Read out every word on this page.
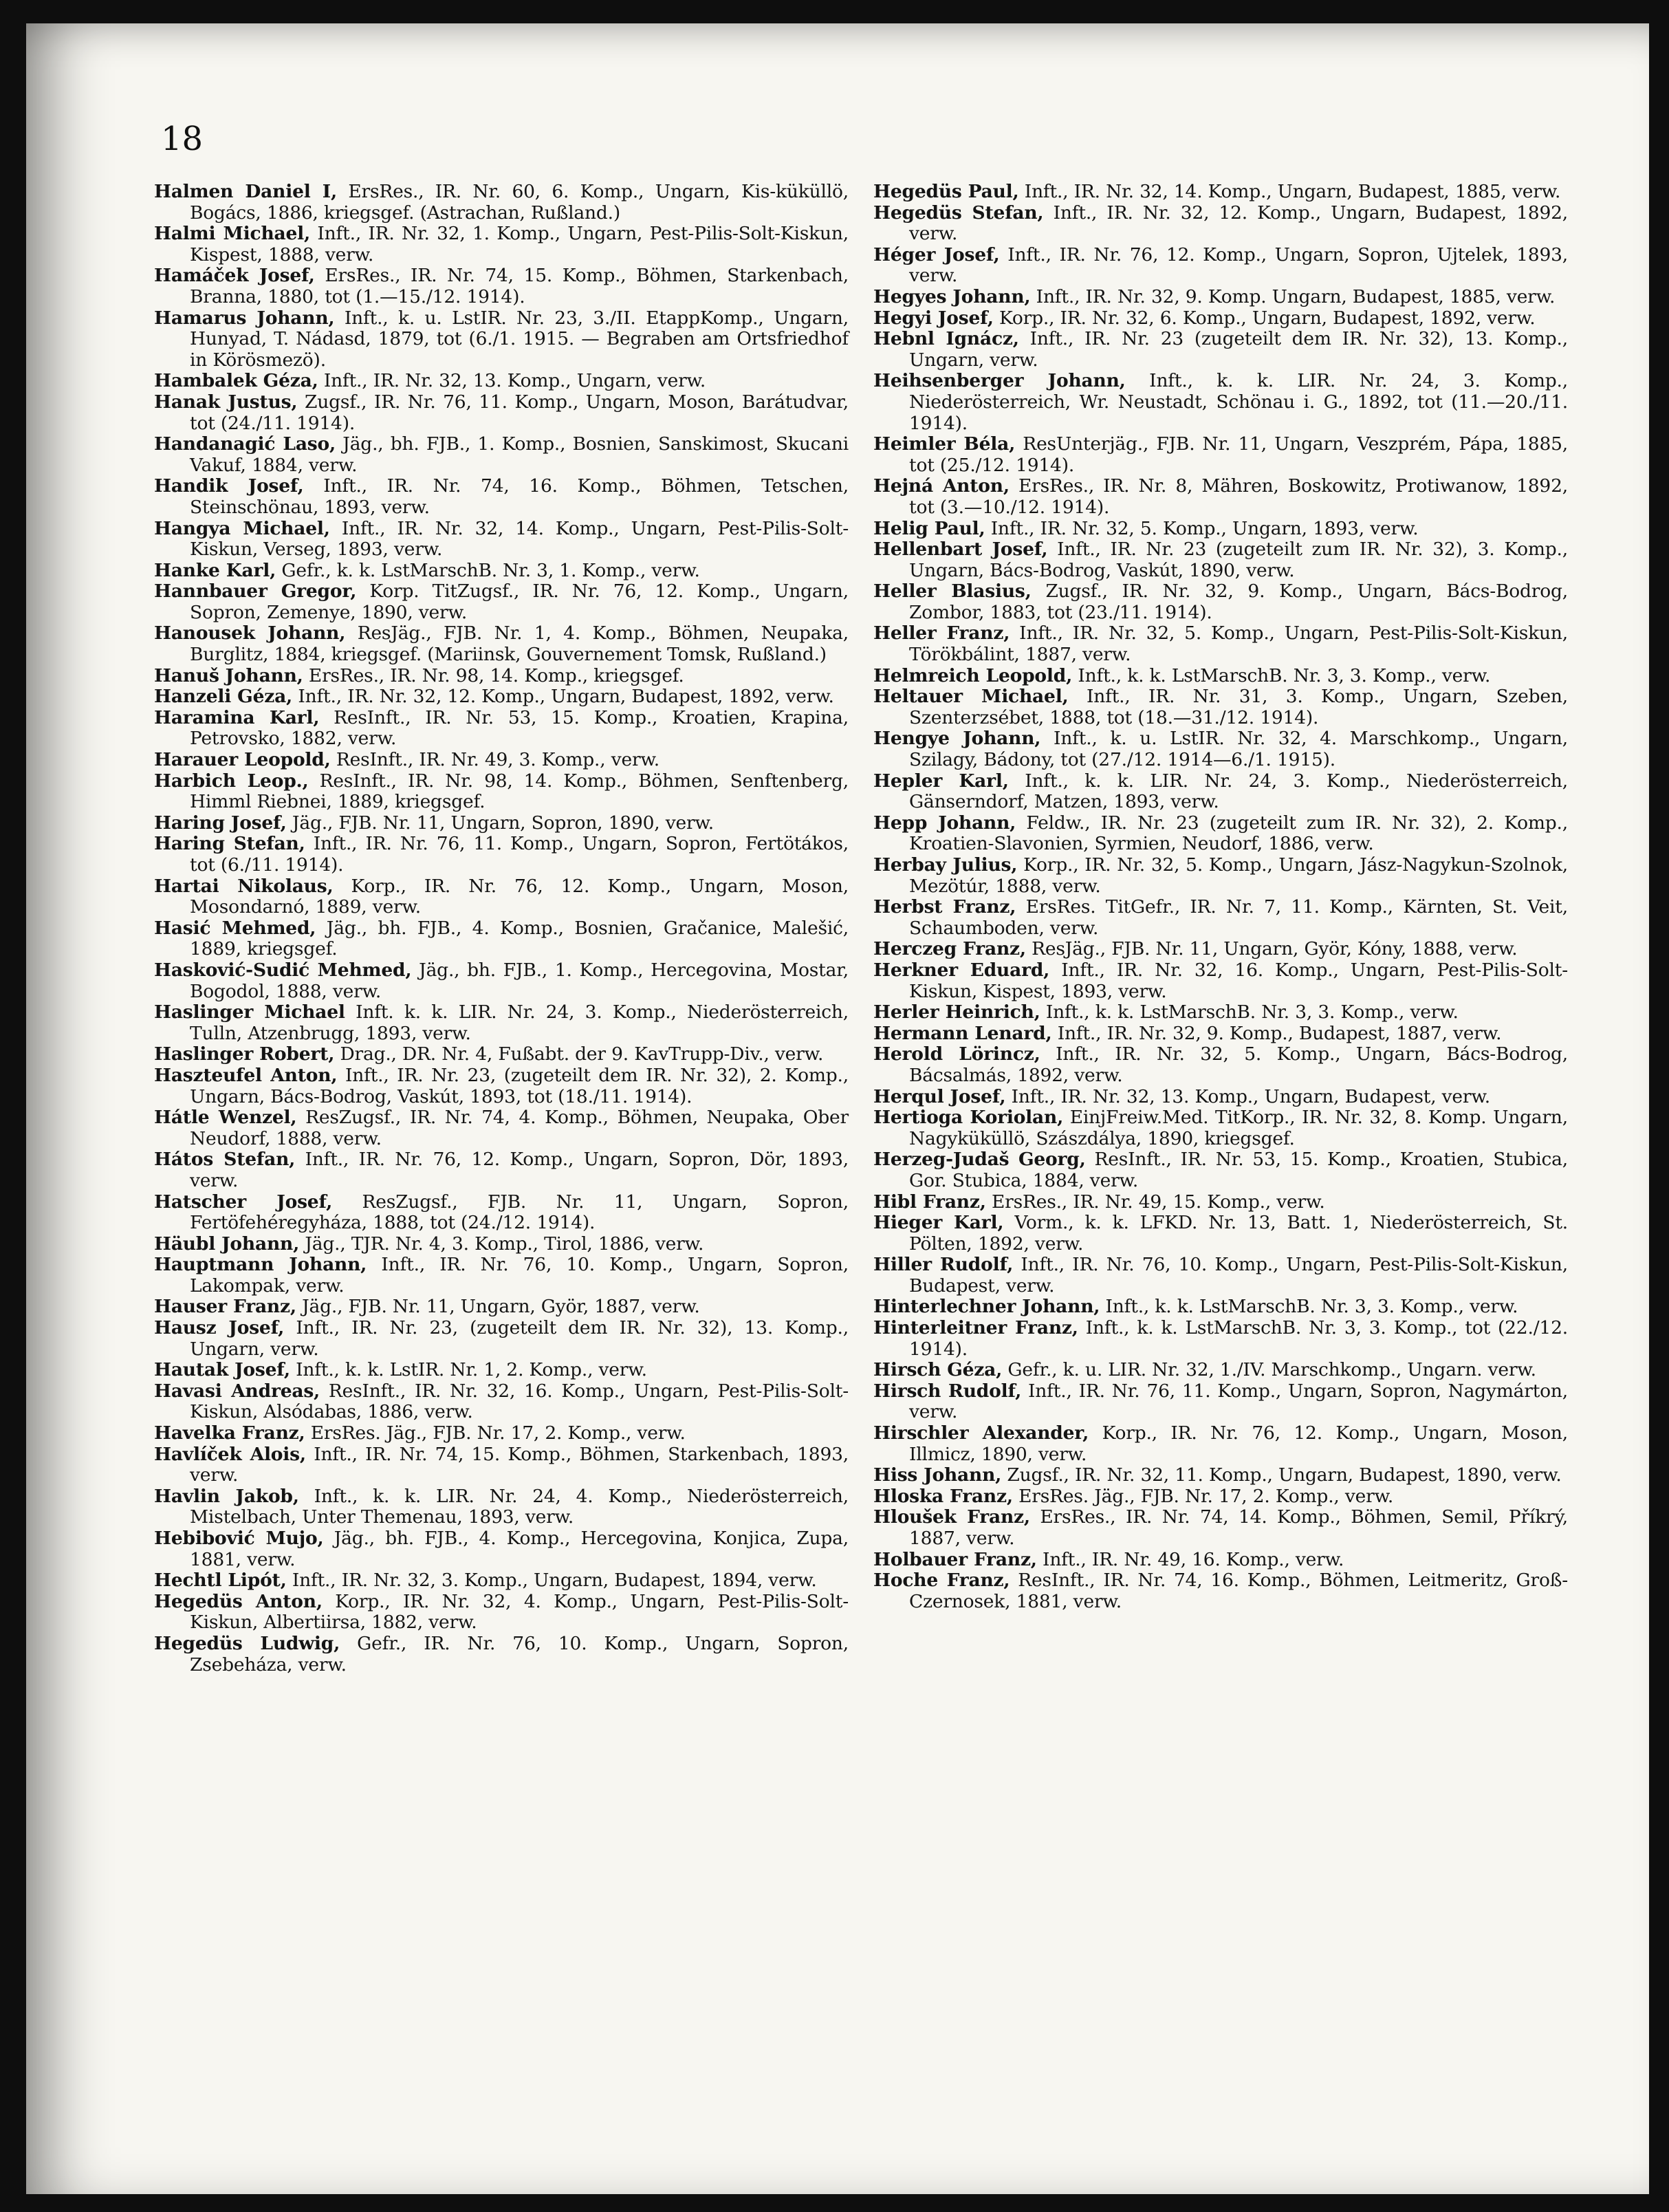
18

Halmen Daniel I, ErsRes., IR. Nr. 60, 6. Komp., Ungarn, Kis-küküllö, Bogács, 1886, kriegsgef. (Astrachan, Rußland.)

Halmi Michael, Inft., IR. Nr. 32, 1. Komp., Ungarn, Pest-Pilis-Solt-Kiskun, Kispest, 1888, verw.

Hamáček Josef, ErsRes., IR. Nr. 74, 15. Komp., Böhmen, Starkenbach, Branna, 1880, tot (1.—15./12. 1914).

Hamarus Johann, Inft., k. u. LstIR. Nr. 23, 3./II. EtappKomp., Ungarn, Hunyad, T. Nádasd, 1879, tot (6./1. 1915. — Begraben am Ortsfriedhof in Körösmezö).

Hambalek Géza, Inft., IR. Nr. 32, 13. Komp., Ungarn, verw.

Hanak Justus, Zugsf., IR. Nr. 76, 11. Komp., Ungarn, Moson, Barátudvar, tot (24./11. 1914).

Handanagić Laso, Jäg., bh. FJB., 1. Komp., Bosnien, Sanskimost, Skucani Vakuf, 1884, verw.

Handik Josef, Inft., IR. Nr. 74, 16. Komp., Böhmen, Tetschen, Steinschönau, 1893, verw.

Hangya Michael, Inft., IR. Nr. 32, 14. Komp., Ungarn, Pest-Pilis-Solt-Kiskun, Verseg, 1893, verw.

Hanke Karl, Gefr., k. k. LstMarschB. Nr. 3, 1. Komp., verw.

Hannbauer Gregor, Korp. TitZugsf., IR. Nr. 76, 12. Komp., Ungarn, Sopron, Zemenye, 1890, verw.

Hanousek Johann, ResJäg., FJB. Nr. 1, 4. Komp., Böhmen, Neupaka, Burglitz, 1884, kriegsgef. (Mariinsk, Gouvernement Tomsk, Rußland.)

Hanuš Johann, ErsRes., IR. Nr. 98, 14. Komp., kriegsgef.

Hanzeli Géza, Inft., IR. Nr. 32, 12. Komp., Ungarn, Budapest, 1892, verw.

Haramina Karl, ResInft., IR. Nr. 53, 15. Komp., Kroatien, Krapina, Petrovsko, 1882, verw.

Harauer Leopold, ResInft., IR. Nr. 49, 3. Komp., verw.

Harbich Leop., ResInft., IR. Nr. 98, 14. Komp., Böhmen, Senftenberg, Himml Riebnei, 1889, kriegsgef.

Haring Josef, Jäg., FJB. Nr. 11, Ungarn, Sopron, 1890, verw.

Haring Stefan, Inft., IR. Nr. 76, 11. Komp., Ungarn, Sopron, Fertötákos, tot (6./11. 1914).

Hartai Nikolaus, Korp., IR. Nr. 76, 12. Komp., Ungarn, Moson, Mosondarnó, 1889, verw.

Hasić Mehmed, Jäg., bh. FJB., 4. Komp., Bosnien, Gračanice, Malešić, 1889, kriegsgef.

Hasković-Sudić Mehmed, Jäg., bh. FJB., 1. Komp., Hercegovina, Mostar, Bogodol, 1888, verw.

Haslinger Michael Inft. k. k. LIR. Nr. 24, 3. Komp., Niederösterreich, Tulln, Atzenbrugg, 1893, verw.

Haslinger Robert, Drag., DR. Nr. 4, Fußabt. der 9. KavTrupp-Div., verw.

Haszteufel Anton, Inft., IR. Nr. 23, (zugeteilt dem IR. Nr. 32), 2. Komp., Ungarn, Bács-Bodrog, Vaskút, 1893, tot (18./11. 1914).

Hátle Wenzel, ResZugsf., IR. Nr. 74, 4. Komp., Böhmen, Neupaka, Ober Neudorf, 1888, verw.

Hátos Stefan, Inft., IR. Nr. 76, 12. Komp., Ungarn, Sopron, Dör, 1893, verw.

Hatscher Josef, ResZugsf., FJB. Nr. 11, Ungarn, Sopron, Fertöfehéregyháza, 1888, tot (24./12. 1914).

Häubl Johann, Jäg., TJR. Nr. 4, 3. Komp., Tirol, 1886, verw.

Hauptmann Johann, Inft., IR. Nr. 76, 10. Komp., Ungarn, Sopron, Lakompak, verw.

Hauser Franz, Jäg., FJB. Nr. 11, Ungarn, Györ, 1887, verw.

Hausz Josef, Inft., IR. Nr. 23, (zugeteilt dem IR. Nr. 32), 13. Komp., Ungarn, verw.

Hautak Josef, Inft., k. k. LstIR. Nr. 1, 2. Komp., verw.

Havasi Andreas, ResInft., IR. Nr. 32, 16. Komp., Ungarn, Pest-Pilis-Solt-Kiskun, Alsódabas, 1886, verw.

Havelka Franz, ErsRes. Jäg., FJB. Nr. 17, 2. Komp., verw.

Havlíček Alois, Inft., IR. Nr. 74, 15. Komp., Böhmen, Starkenbach, 1893, verw.

Havlin Jakob, Inft., k. k. LIR. Nr. 24, 4. Komp., Niederösterreich, Mistelbach, Unter Themenau, 1893, verw.

Hebibović Mujo, Jäg., bh. FJB., 4. Komp., Hercegovina, Konjica, Zupa, 1881, verw.

Hechtl Lipót, Inft., IR. Nr. 32, 3. Komp., Ungarn, Budapest, 1894, verw.

Hegedüs Anton, Korp., IR. Nr. 32, 4. Komp., Ungarn, Pest-Pilis-Solt-Kiskun, Albertiirsa, 1882, verw.

Hegedüs Ludwig, Gefr., IR. Nr. 76, 10. Komp., Ungarn, Sopron, Zsebeháza, verw.

Hegedüs Paul, Inft., IR. Nr. 32, 14. Komp., Ungarn, Budapest, 1885, verw.

Hegedüs Stefan, Inft., IR. Nr. 32, 12. Komp., Ungarn, Budapest, 1892, verw.

Héger Josef, Inft., IR. Nr. 76, 12. Komp., Ungarn, Sopron, Ujtelek, 1893, verw.

Hegyes Johann, Inft., IR. Nr. 32, 9. Komp. Ungarn, Budapest, 1885, verw.

Hegyi Josef, Korp., IR. Nr. 32, 6. Komp., Ungarn, Budapest, 1892, verw.

Hebnl Ignácz, Inft., IR. Nr. 23 (zugeteilt dem IR. Nr. 32), 13. Komp., Ungarn, verw.

Heihsenberger Johann, Inft., k. k. LIR. Nr. 24, 3. Komp., Niederösterreich, Wr. Neustadt, Schönau i. G., 1892, tot (11.—20./11. 1914).

Heimler Béla, ResUnterjäg., FJB. Nr. 11, Ungarn, Veszprém, Pápa, 1885, tot (25./12. 1914).

Hejná Anton, ErsRes., IR. Nr. 8, Mähren, Boskowitz, Protiwanow, 1892, tot (3.—10./12. 1914).

Helig Paul, Inft., IR. Nr. 32, 5. Komp., Ungarn, 1893, verw.

Hellenbart Josef, Inft., IR. Nr. 23 (zugeteilt zum IR. Nr. 32), 3. Komp., Ungarn, Bács-Bodrog, Vaskút, 1890, verw.

Heller Blasius, Zugsf., IR. Nr. 32, 9. Komp., Ungarn, Bács-Bodrog, Zombor, 1883, tot (23./11. 1914).

Heller Franz, Inft., IR. Nr. 32, 5. Komp., Ungarn, Pest-Pilis-Solt-Kiskun, Törökbálint, 1887, verw.

Helmreich Leopold, Inft., k. k. LstMarschB. Nr. 3, 3. Komp., verw.

Heltauer Michael, Inft., IR. Nr. 31, 3. Komp., Ungarn, Szeben, Szenterzsébet, 1888, tot (18.—31./12. 1914).

Hengye Johann, Inft., k. u. LstIR. Nr. 32, 4. Marschkomp., Ungarn, Szilagy, Bádony, tot (27./12. 1914—6./1. 1915).

Hepler Karl, Inft., k. k. LIR. Nr. 24, 3. Komp., Niederösterreich, Gänserndorf, Matzen, 1893, verw.

Hepp Johann, Feldw., IR. Nr. 23 (zugeteilt zum IR. Nr. 32), 2. Komp., Kroatien-Slavonien, Syrmien, Neudorf, 1886, verw.

Herbay Julius, Korp., IR. Nr. 32, 5. Komp., Ungarn, Jász-Nagykun-Szolnok, Mezötúr, 1888, verw.

Herbst Franz, ErsRes. TitGefr., IR. Nr. 7, 11. Komp., Kärnten, St. Veit, Schaumboden, verw.

Herczeg Franz, ResJäg., FJB. Nr. 11, Ungarn, Györ, Kóny, 1888, verw.

Herkner Eduard, Inft., IR. Nr. 32, 16. Komp., Ungarn, Pest-Pilis-Solt-Kiskun, Kispest, 1893, verw.

Herler Heinrich, Inft., k. k. LstMarschB. Nr. 3, 3. Komp., verw.

Hermann Lenard, Inft., IR. Nr. 32, 9. Komp., Budapest, 1887, verw.

Herold Lörincz, Inft., IR. Nr. 32, 5. Komp., Ungarn, Bács-Bodrog, Bácsalmás, 1892, verw.

Herqul Josef, Inft., IR. Nr. 32, 13. Komp., Ungarn, Budapest, verw.

Hertioga Koriolan, EinjFreiw.Med. TitKorp., IR. Nr. 32, 8. Komp. Ungarn, Nagyküküllö, Szászdálya, 1890, kriegsgef.

Herzeg-Judaš Georg, ResInft., IR. Nr. 53, 15. Komp., Kroatien, Stubica, Gor. Stubica, 1884, verw.

Hibl Franz, ErsRes., IR. Nr. 49, 15. Komp., verw.

Hieger Karl, Vorm., k. k. LFKD. Nr. 13, Batt. 1, Niederösterreich, St. Pölten, 1892, verw.

Hiller Rudolf, Inft., IR. Nr. 76, 10. Komp., Ungarn, Pest-Pilis-Solt-Kiskun, Budapest, verw.

Hinterlechner Johann, Inft., k. k. LstMarschB. Nr. 3, 3. Komp., verw.

Hinterleitner Franz, Inft., k. k. LstMarschB. Nr. 3, 3. Komp., tot (22./12. 1914).

Hirsch Géza, Gefr., k. u. LIR. Nr. 32, 1./IV. Marschkomp., Ungarn. verw.

Hirsch Rudolf, Inft., IR. Nr. 76, 11. Komp., Ungarn, Sopron, Nagymárton, verw.

Hirschler Alexander, Korp., IR. Nr. 76, 12. Komp., Ungarn, Moson, Illmicz, 1890, verw.

Hiss Johann, Zugsf., IR. Nr. 32, 11. Komp., Ungarn, Budapest, 1890, verw.

Hloska Franz, ErsRes. Jäg., FJB. Nr. 17, 2. Komp., verw.

Hloušek Franz, ErsRes., IR. Nr. 74, 14. Komp., Böhmen, Semil, Příkrý, 1887, verw.

Holbauer Franz, Inft., IR. Nr. 49, 16. Komp., verw.

Hoche Franz, ResInft., IR. Nr. 74, 16. Komp., Böhmen, Leitmeritz, Groß-Czernosek, 1881, verw.
